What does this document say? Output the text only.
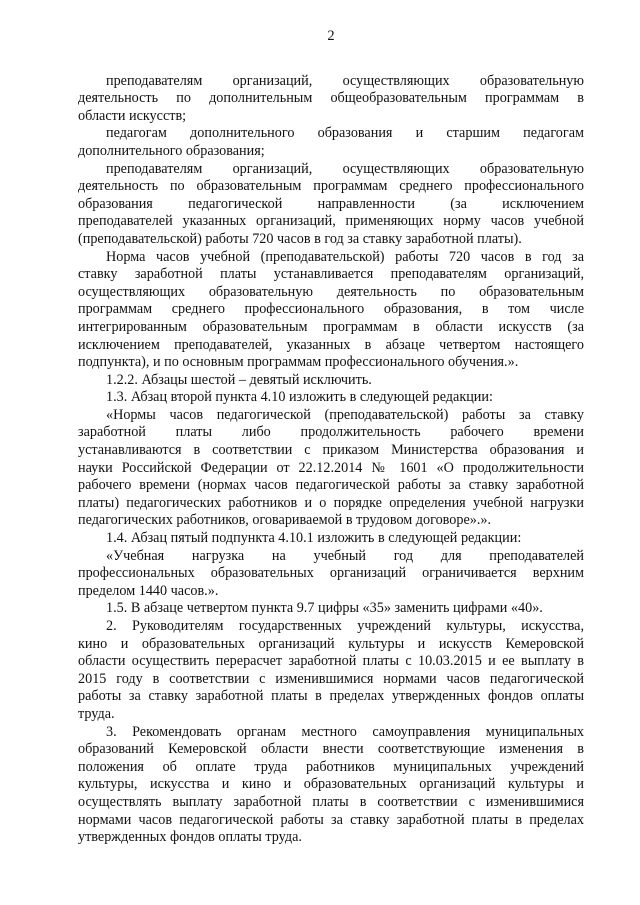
2
преподавателям организаций, осуществляющих образовательную
деятельность по дополнительным общеобразовательным программам в
области искусств;
педагогам дополнительного образования и старшим педагогам
дополнительного образования;
преподавателям организаций, осуществляющих образовательную
деятельность по образовательным программам среднего профессионального
образования педагогической направленности (за исключением
преподавателей указанных организаций, применяющих норму часов учебной
(преподавательской) работы 720 часов в год за ставку заработной платы).
Норма часов учебной (преподавательской) работы 720 часов в год за
ставку заработной платы устанавливается преподавателям организаций,
осуществляющих образовательную деятельность по образовательным
программам среднего профессионального образования, в том числе
интегрированным образовательным программам в области искусств (за
исключением преподавателей, указанных в абзаце четвертом настоящего
подпункта), и по основным программам профессионального обучения.».
1.2.2. Абзацы шестой – девятый исключить.
1.3. Абзац второй пункта 4.10 изложить в следующей редакции:
«Нормы часов педагогической (преподавательской) работы за ставку
заработной платы либо продолжительность рабочего времени
устанавливаются в соответствии с приказом Министерства образования и
науки Российской Федерации от 22.12.2014 № 1601 «О продолжительности
рабочего времени (нормах часов педагогической работы за ставку заработной
платы) педагогических работников и о порядке определения учебной нагрузки
педагогических работников, оговариваемой в трудовом договоре».».
1.4. Абзац пятый подпункта 4.10.1 изложить в следующей редакции:
«Учебная нагрузка на учебный год для преподавателей
профессиональных образовательных организаций ограничивается верхним
пределом 1440 часов.».
1.5. В абзаце четвертом пункта 9.7 цифры «35» заменить цифрами «40».
2. Руководителям государственных учреждений культуры, искусства,
кино и образовательных организаций культуры и искусств Кемеровской
области осуществить перерасчет заработной платы с 10.03.2015 и ее выплату в
2015 году в соответствии с изменившимися нормами часов педагогической
работы за ставку заработной платы в пределах утвержденных фондов оплаты
труда.
3. Рекомендовать органам местного самоуправления муниципальных
образований Кемеровской области внести соответствующие изменения в
положения об оплате труда работников муниципальных учреждений
культуры, искусства и кино и образовательных организаций культуры и
осуществлять выплату заработной платы в соответствии с изменившимися
нормами часов педагогической работы за ставку заработной платы в пределах
утвержденных фондов оплаты труда.
